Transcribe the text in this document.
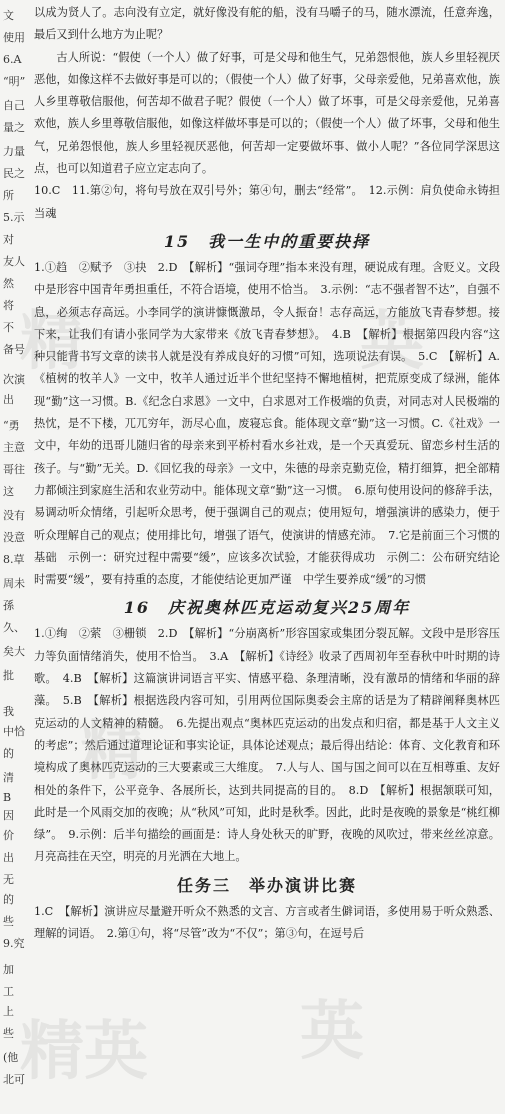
文
使用
6.A
“明”
自己
量之
力量
民之
所
5.示
对
友人
然
将
不
备号
次演
出
“勇
主意
哥往
这
没有
没意
8.草
周未
孫
久、
矣大
批
我
中恰
的
清
B
因
价
出
无
的
些
9.究
加
工
上
些
(他
北可

以成为贤人了。志向没有立定，就好像没有舵的船，没有马嚼子的马，随水漂流，任意奔逸，最后又到什么地方为止呢？

古人所说：“假使（一个人）做了好事，可是父母和他生气，兄弟怨恨他，族人乡里轻视厌恶他，如像这样不去做好事是可以的；（假使一个人）做了好事，父母亲爱他，兄弟喜欢他，族人乡里尊敬信服他，何苦却不做君子呢？假使（一个人）做了坏事，可是父母亲爱他，兄弟喜欢他，族人乡里尊敬信服他，如像这样做坏事是可以的；（假使一个人）做了坏事，父母和他生气，兄弟怨恨他，族人乡里轻视厌恶他，何苦却一定要做坏事、做小人呢？”各位同学深思这点，也可以知道君子应立定志向了。

10.C　11.第②句，将句号放在双引号外；第④句，删去“经常”。　12.示例：肩负使命永铸担当魂

15　我一生中的重要抉择

1.①趋　②赋予　③抉　2.D　【解析】“强词夺理”指本来没有理，硬说成有理。含贬义。文段中是形容中国青年勇担重任，不符合语境，使用不恰当。　3.示例：“志不强者智不达”，自强不息，必须志存高远。小李同学的演讲慷慨激昂，令人振奋！志存高远，方能放飞青春梦想。接下来，让我们有请小张同学为大家带来《放飞青春梦想》。　4.B　【解析】根据第四段内容“这种只能背书写文章的读书人就是没有养成良好的习惯”可知，选项说法有误。　5.C　【解析】A.《植树的牧羊人》一文中，牧羊人通过近半个世纪坚持不懈地植树，把荒原变成了绿洲，能体现“勤”这一习惯。B.《纪念白求恩》一文中，白求恩对工作极端的负责，对同志对人民极端的热忱，是不下楼，兀兀穷年，沥尽心血，废寝忘食。能体现文章“勤”这一习惯。C.《社戏》一文中，年幼的迅哥儿随归省的母亲来到平桥村看水乡社戏，是一个天真爱玩、留恋乡村生活的孩子。与“勤”无关。D.《回忆我的母亲》一文中，朱德的母亲克勤克俭，精打细算，把全部精力都倾注到家庭生活和农业劳动中。能体现文章“勤”这一习惯。　6.原句使用设问的修辞手法，易调动听众情绪，引起听众思考，便于强调自己的观点；使用短句，增强演讲的感染力，便于听众理解自己的观点；使用排比句，增强了语气，使演讲的情感充沛。　7.它是前面三个习惯的基础　示例一：研究过程中需要“缓”，应该多次试验，才能获得成功　示例二：公布研究结论时需要“缓”，要有持重的态度，才能使结论更加严谨　中学生要养成“缓”的习惯

16　庆祝奥林匹克运动复兴25周年

1.①绚　②萦　③栅锁　2.D　【解析】“分崩离析”形容国家或集团分裂瓦解。文段中是形容压力等负面情绪消失，使用不恰当。　3.A　【解析】《诗经》收录了西周初年至春秋中叶时期的诗歌。　4.B　【解析】这篇演讲词语言平实、情感平稳、条理清晰，没有激昂的情绪和华丽的辞藻。　5.B　【解析】根据选段内容可知，引用两位国际奥委会主席的话是为了精辟阐释奥林匹克运动的人文精神的精髓。　6.先提出观点“奥林匹克运动的出发点和归宿，都是基于人文主义的考虑”；然后通过道理论证和事实论证，具体论述观点；最后得出结论：体育、文化教育和环境构成了奥林匹克运动的三大要素或三大维度。　7.人与人、国与国之间可以在互相尊重、友好相处的条件下，公平竞争、各展所长，达到共同提高的目的。　8.D　【解析】根据颔联可知，此时是一个风雨交加的夜晚；从“秋风”可知，此时是秋季。因此，此时是夜晚的景象是“桃红柳绿”。　9.示例：后半句描绘的画面是：诗人身处秋天的旷野，夜晚的风吹过，带来丝丝凉意。月亮高挂在天空，明亮的月光洒在大地上。

任务三　举办演讲比赛

1.C　【解析】演讲应尽量避开听众不熟悉的文言、方言或者生僻词语，多使用易于听众熟悉、理解的词语。　2.第①句，将“尽管”改为“不仅”；第③句，在逗号后

精	英
精
英
精英
